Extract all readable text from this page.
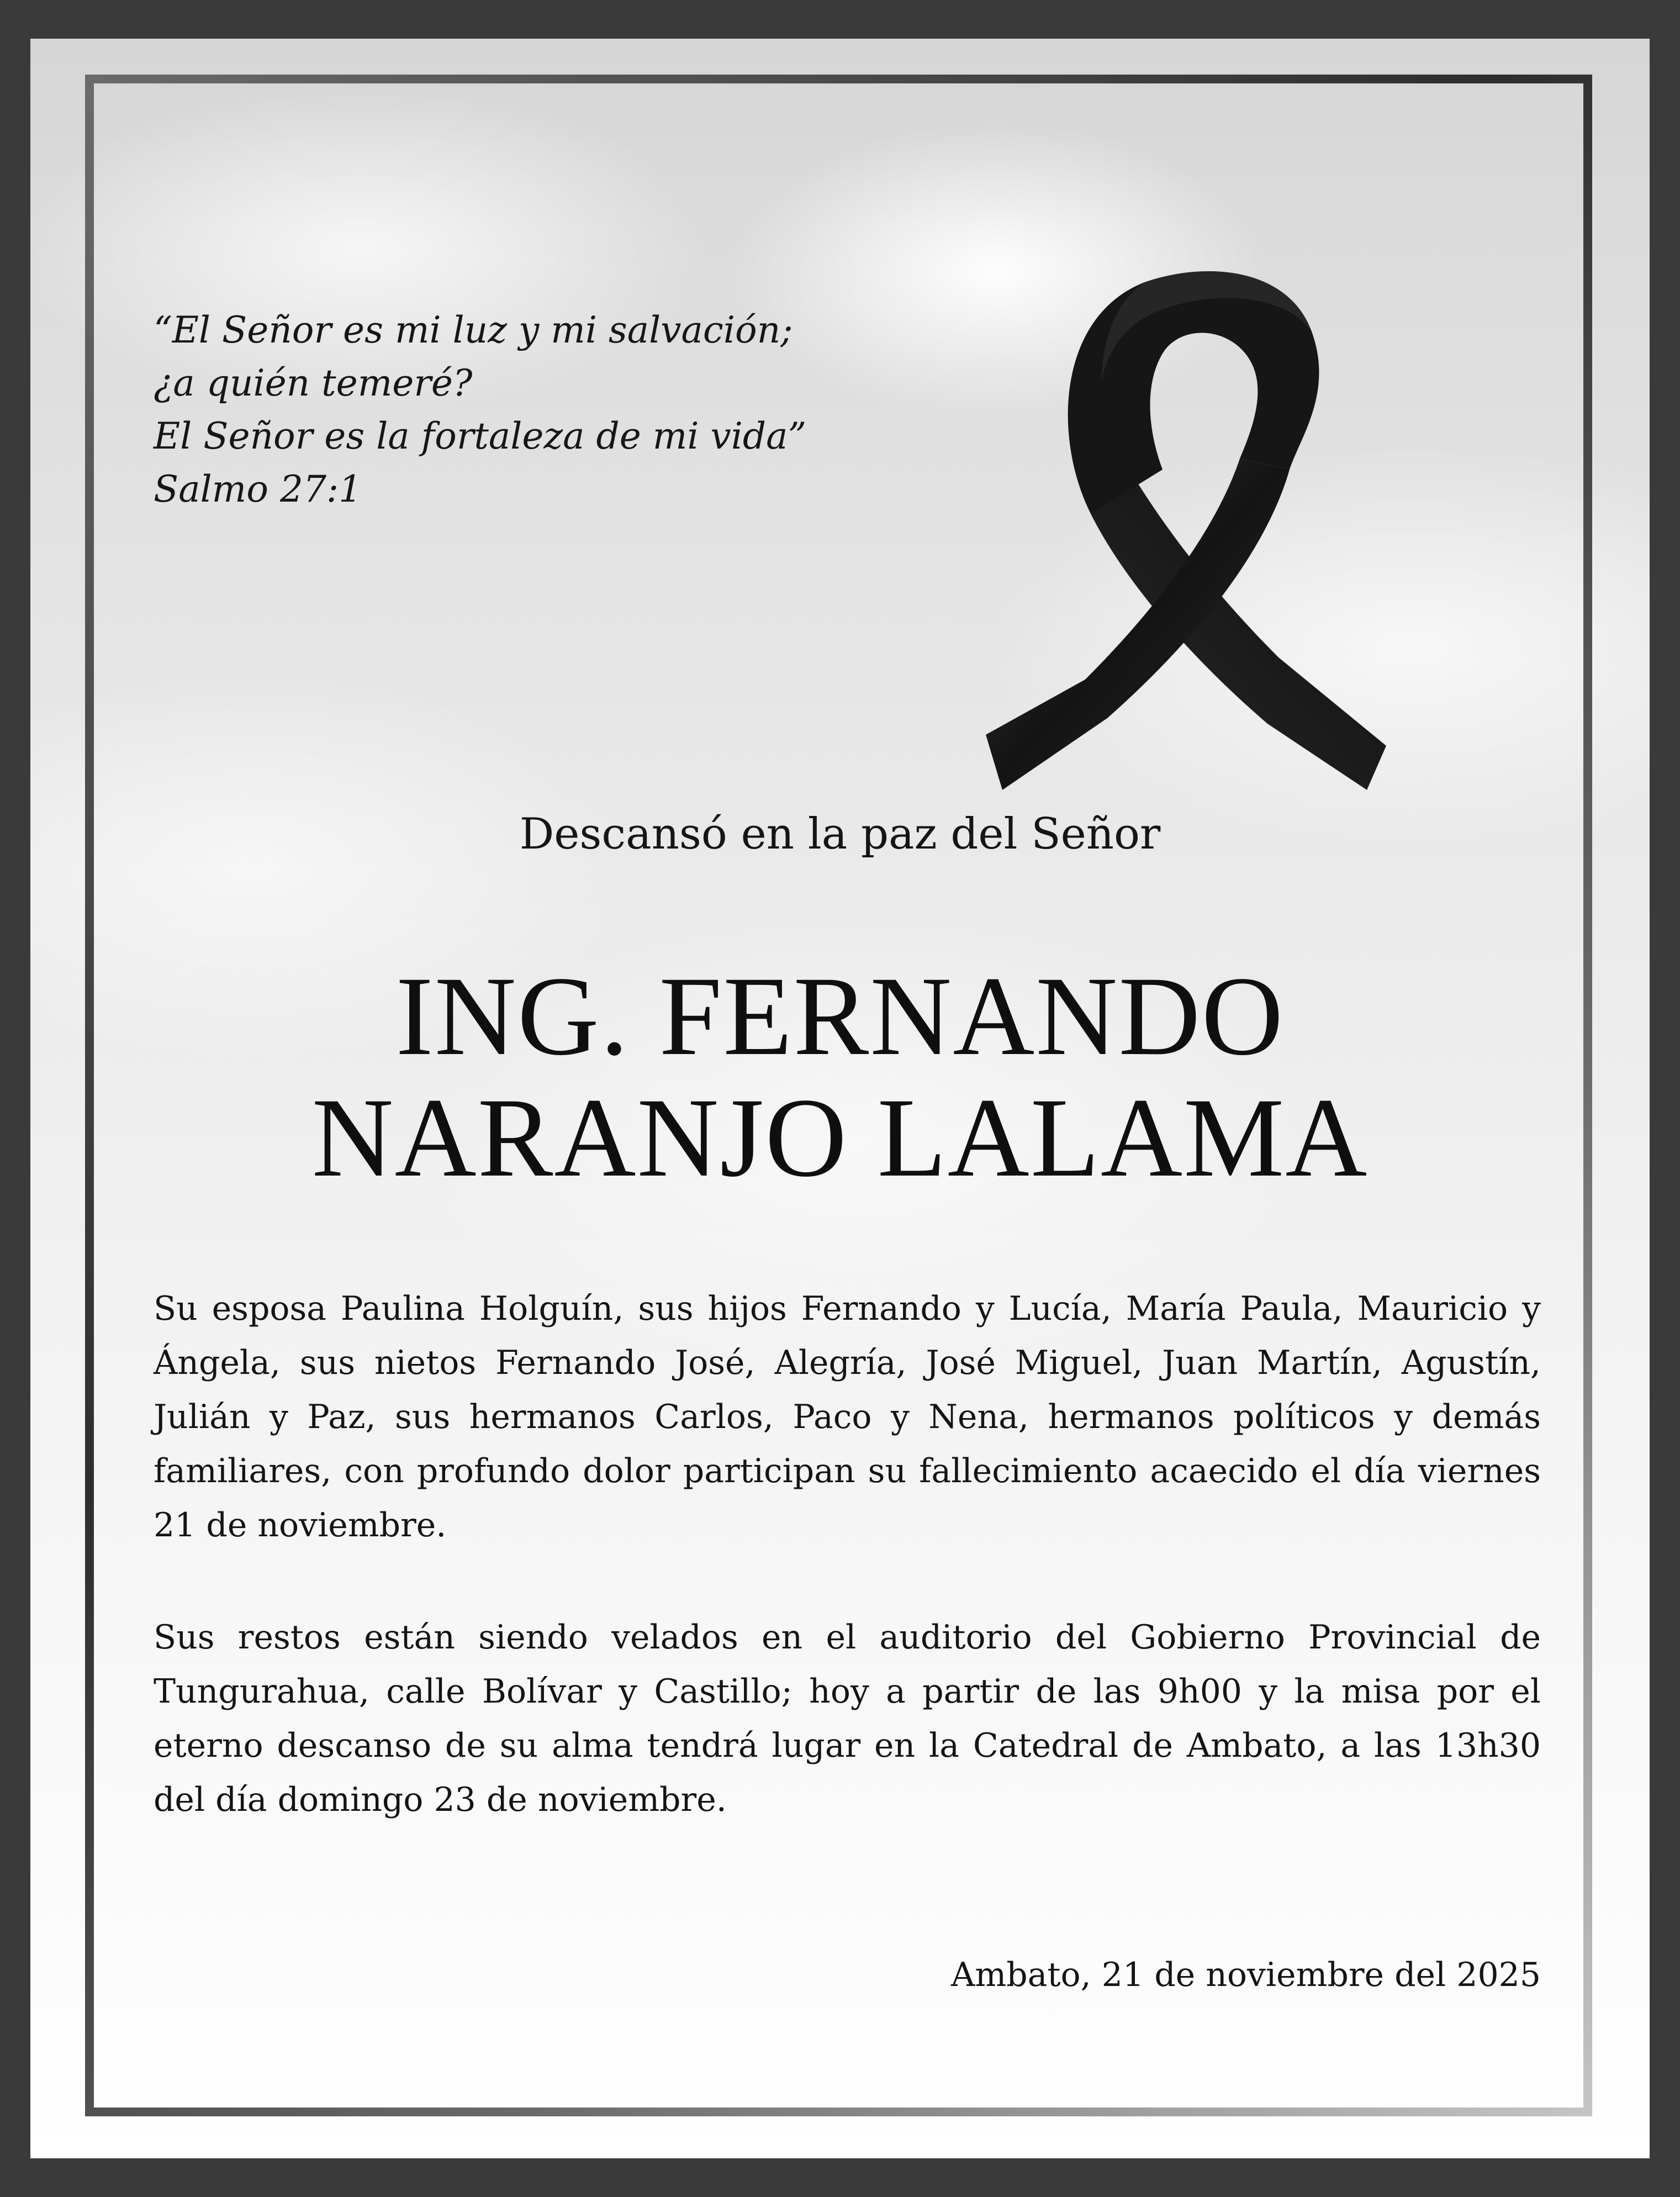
“El Señor es mi luz y mi salvación;
¿a quién temeré?
El Señor es la fortaleza de mi vida”
Salmo 27:1
Descansó en la paz del Señor
ING. FERNANDO
NARANJO LALAMA
Su esposa Paulina Holguín, sus hijos Fernando y Lucía, María Paula, Mauricio y Ángela, sus nietos Fernando José, Alegría, José Miguel, Juan Martín, Agustín, Julián y Paz, sus hermanos Carlos, Paco y Nena, hermanos políticos y demás familiares, con profundo dolor participan su fallecimiento acaecido el día viernes 21 de noviembre.
Sus restos están siendo velados en el auditorio del Gobierno Provincial de Tungurahua, calle Bolívar y Castillo; hoy a partir de las 9h00 y la misa por el eterno descanso de su alma tendrá lugar en la Catedral de Ambato, a las 13h30 del día domingo 23 de noviembre.
Ambato, 21 de noviembre del 2025
